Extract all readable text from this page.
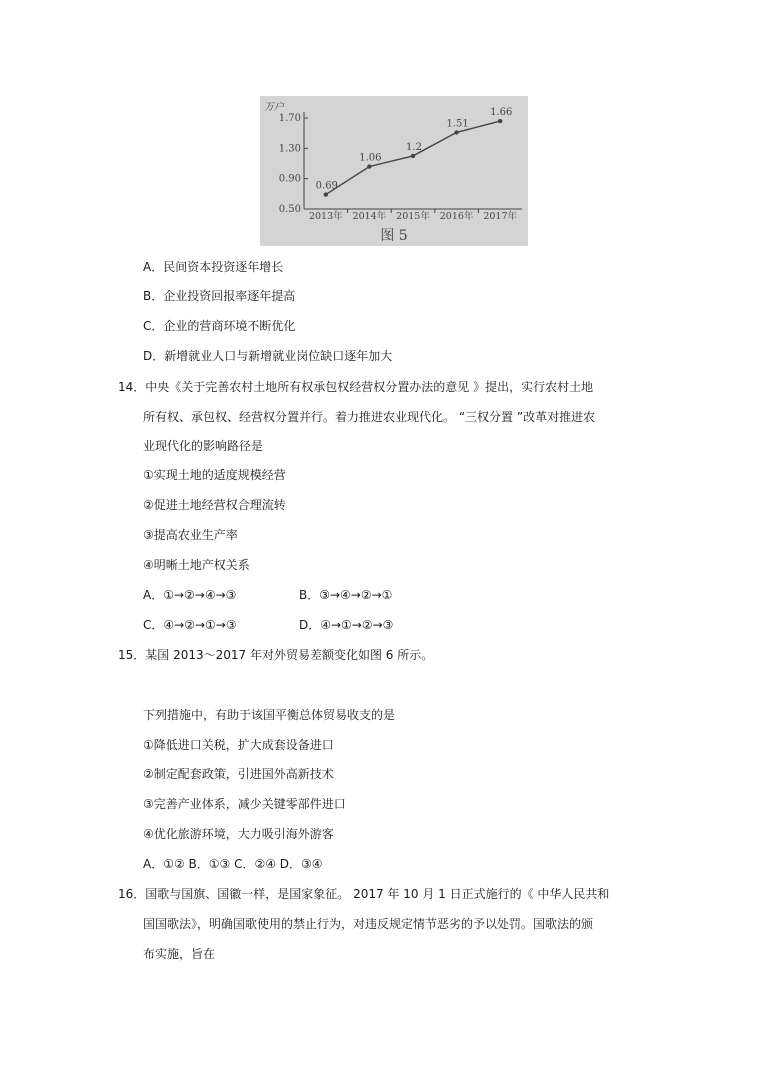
万户
1.70
1.30
0.90
0.50
2013年 2014年 2015年 2016年 2017年
0.69
1.06
1.2
1.51
1.66
图 5
A．民间资本投资逐年增长
B．企业投资回报率逐年提高
C．企业的营商环境不断优化
D．新增就业人口与新增就业岗位缺口逐年加大
14．中央《关于完善农村土地所有权承包权经营权分置办法的意见 》提出，实行农村土地
所有权、承包权、经营权分置并行。着力推进农业现代化。 “三权分置 ”改革对推进农
业现代化的影响路径是
①实现土地的适度规模经营
②促进土地经营权合理流转
③提高农业生产率
④明晰土地产权关系
A．①→②→④→③	B．③→④→②→①
C．④→②→①→③	D．④→①→②→③
15．某国 2013～2017 年对外贸易差额变化如图 6 所示。
下列措施中，有助于该国平衡总体贸易收支的是
①降低进口关税，扩大成套设备进口
②制定配套政策，引进国外高新技术
③完善产业体系，减少关键零部件进口
④优化旅游环境，大力吸引海外游客
A．①② B．①③ C．②④ D．③④
16．国歌与国旗、国徽一样，是国家象征。 2017 年 10 月 1 日正式施行的《 中华人民共和
国国歌法》，明确国歌使用的禁止行为，对违反规定情节恶劣的予以处罚。国歌法的颁
布实施，旨在
